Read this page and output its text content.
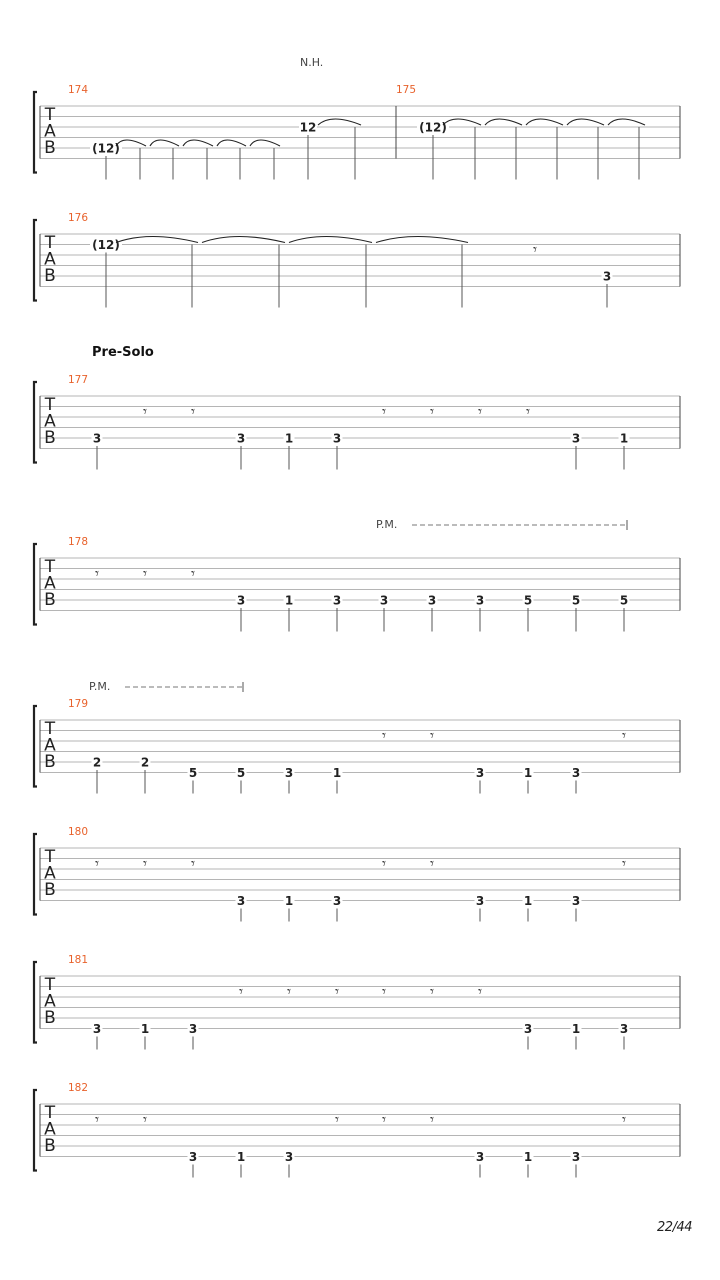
T
A
B
174
N.H.
(12)
12
175
(12)
T
A
B
176
(12)
3
𝄾
T
A
B
Pre-Solo
177
3	3	1	3	3	1
𝄾	𝄾	𝄾	𝄾	𝄾	𝄾
T
A
B
178
P.M.
3	1	3	3	3	3	5	5	5
𝄾	𝄾	𝄾
T
A
B
179
P.M.
2	2
5	5	3	1	3	1	3
𝄾	𝄾	𝄾
T
A
B
180
3	1	3	3	1	3
𝄾	𝄾	𝄾	𝄾	𝄾	𝄾
T
A
B
181
3	1	3	3	1	3
𝄾	𝄾	𝄾	𝄾	𝄾	𝄾
T
A
B
182
3	1	3	3	1	3
𝄾	𝄾	𝄾	𝄾	𝄾	𝄾
22/44
